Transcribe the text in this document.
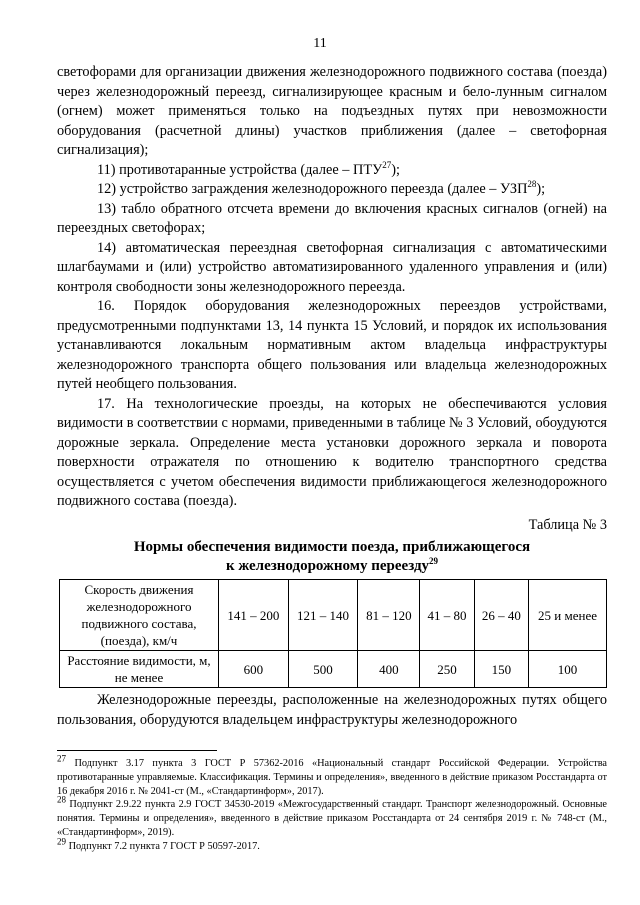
11

светофорами для организации движения железнодорожного подвижного состава (поезда) через железнодорожный переезд, сигнализирующее красным и бело-лунным сигналом (огнем) может применяться только на подъездных путях при невозможности оборудования (расчетной длины) участков приближения (далее – светофорная сигнализация);

11) противотаранные устройства (далее – ПТУ$^{27}$);

12) устройство заграждения железнодорожного переезда (далее – УЗП$^{28}$);

13) табло обратного отсчета времени до включения красных сигналов (огней) на переездных светофорах;

14) автоматическая переездная светофорная сигнализация с автоматическими шлагбаумами и (или) устройство автоматизированного удаленного управления и (или) контроля свободности зоны железнодорожного переезда.

16. Порядок оборудования железнодорожных переездов устройствами, предусмотренными подпунктами 13, 14 пункта 15 Условий, и порядок их использования устанавливаются локальным нормативным актом владельца инфраструктуры железнодорожного транспорта общего пользования или владельца железнодорожных путей необщего пользования.

17. На технологические проезды, на которых не обеспечиваются условия видимости в соответствии с нормами, приведенными в таблице № 3 Условий, обоудуются дорожные зеркала. Определение места установки дорожного зеркала и поворота поверхности отражателя по отношению к водителю транспортного средства осуществляется с учетом обеспечения видимости приближающегося железнодорожного подвижного состава (поезда).

Таблица № 3
Нормы обеспечения видимости поезда, приближающегося
к железнодорожному переезду$^{29}$
Скорость движения железнодорожного подвижного состава, (поезда), км/ч	141 – 200	121 – 140	81 – 120	41 – 80	26 – 40	25 и менее
Расстояние видимости, м, не менее	600	500	400	250	150	100

Железнодорожные переезды, расположенные на железнодорожных путях общего пользования, оборудуются владельцем инфраструктуры железнодорожного

$^{27}$ Подпункт 3.17 пункта 3 ГОСТ Р 57362-2016 «Национальный стандарт Российской Федерации. Устройства противотаранные управляемые. Классификация. Термины и определения», введенного в действие приказом Росстандарта от 16 декабря 2016 г. № 2041-ст (М., «Стандартинформ», 2017).

$^{28}$ Подпункт 2.9.22 пункта 2.9 ГОСТ 34530-2019 «Межгосударственный стандарт. Транспорт железнодорожный. Основные понятия. Термины и определения», введенного в действие приказом Росстандарта от 24 сентября 2019 г. № 748-ст (М., «Стандартинформ», 2019).

$^{29}$ Подпункт 7.2 пункта 7 ГОСТ Р 50597-2017.
